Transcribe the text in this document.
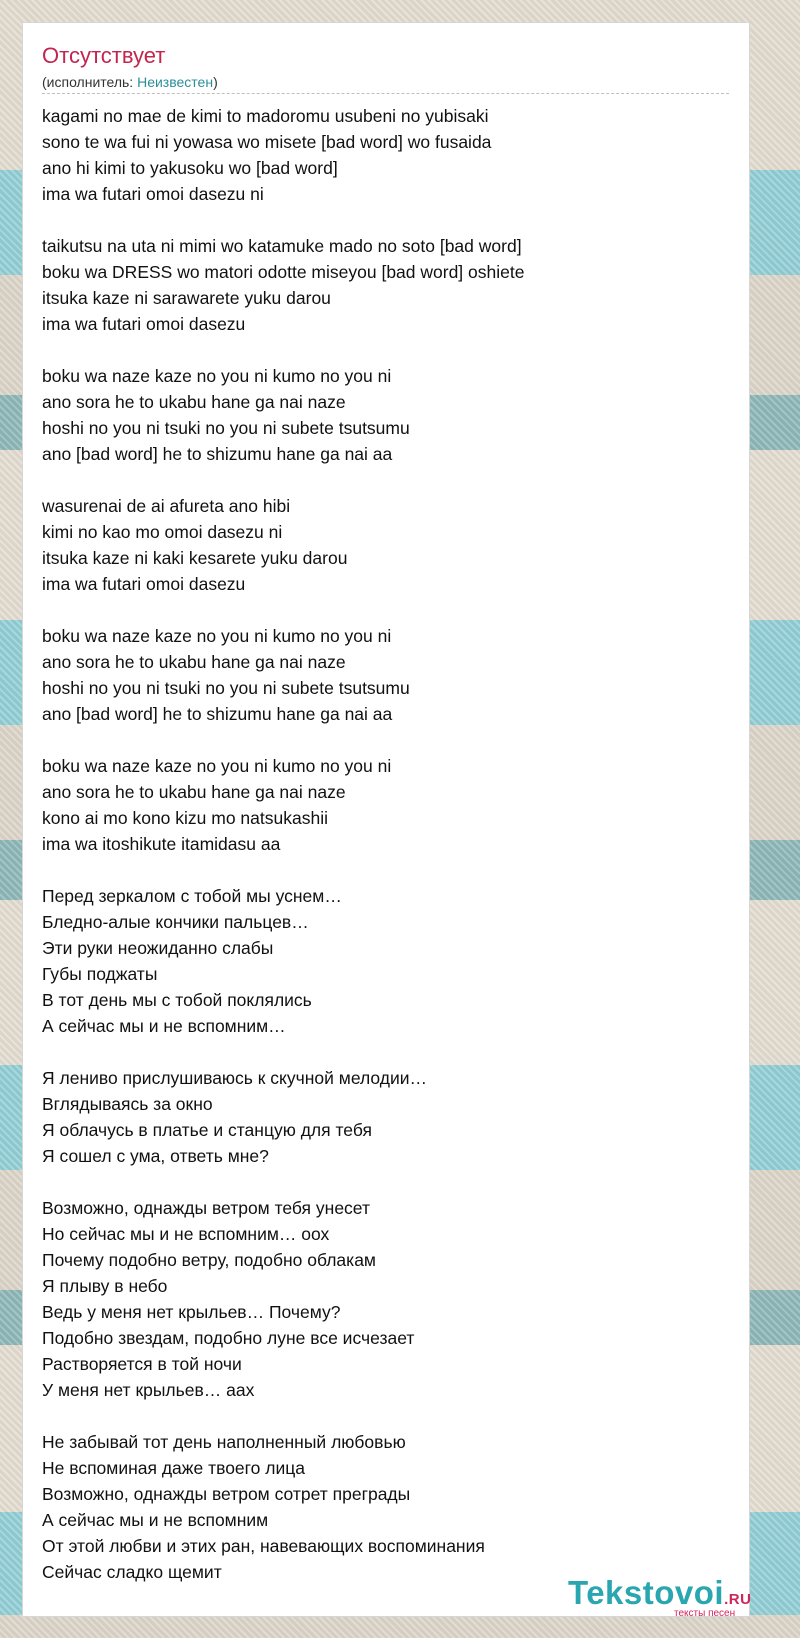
Отсутствует
(исполнитель: Неизвестен)
kagami no mae de kimi to madoromu usubeni no yubisaki
sono te wa fui ni yowasa wo misete [bad word] wo fusaida
ano hi kimi to yakusoku wo [bad word]
ima wa futari omoi dasezu ni
taikutsu na uta ni mimi wo katamuke mado no soto [bad word]
boku wa DRESS wo matori odotte miseyou [bad word] oshiete
itsuka kaze ni sarawarete yuku darou
ima wa futari omoi dasezu
boku wa naze kaze no you ni kumo no you ni
ano sora he to ukabu hane ga nai naze
hoshi no you ni tsuki no you ni subete tsutsumu
ano [bad word] he to shizumu hane ga nai aa
wasurenai de ai afureta ano hibi
kimi no kao mo omoi dasezu ni
itsuka kaze ni kaki kesarete yuku darou
ima wa futari omoi dasezu
boku wa naze kaze no you ni kumo no you ni
ano sora he to ukabu hane ga nai naze
hoshi no you ni tsuki no you ni subete tsutsumu
ano [bad word] he to shizumu hane ga nai aa
boku wa naze kaze no you ni kumo no you ni
ano sora he to ukabu hane ga nai naze
kono ai mo kono kizu mo natsukashii
ima wa itoshikute itamidasu aa
Перед зеркалом с тобой мы уснем…
Бледно-алые кончики пальцев…
Эти руки неожиданно слабы
Губы поджаты
В тот день мы с тобой поклялись
А сейчас мы и не вспомним…
Я лениво прислушиваюсь к скучной мелодии…
Вглядываясь за окно
Я облачусь в платье и станцую для тебя
Я сошел с ума, ответь мне?
Возможно, однажды ветром тебя унесет
Но сейчас мы и не вспомним… оох
Почему подобно ветру, подобно облакам
Я плыву в небо
Ведь у меня нет крыльев… Почему?
Подобно звездам, подобно луне все исчезает
Растворяется в той ночи
У меня нет крыльев… аах
Не забывай тот день наполненный любовью
Не вспоминая даже твоего лица
Возможно, однажды ветром сотрет преграды
А сейчас мы и не вспомним
От этой любви и этих ран, навевающих воспоминания
Сейчас сладко щемит
Tekstovoi.RU
тексты песен
